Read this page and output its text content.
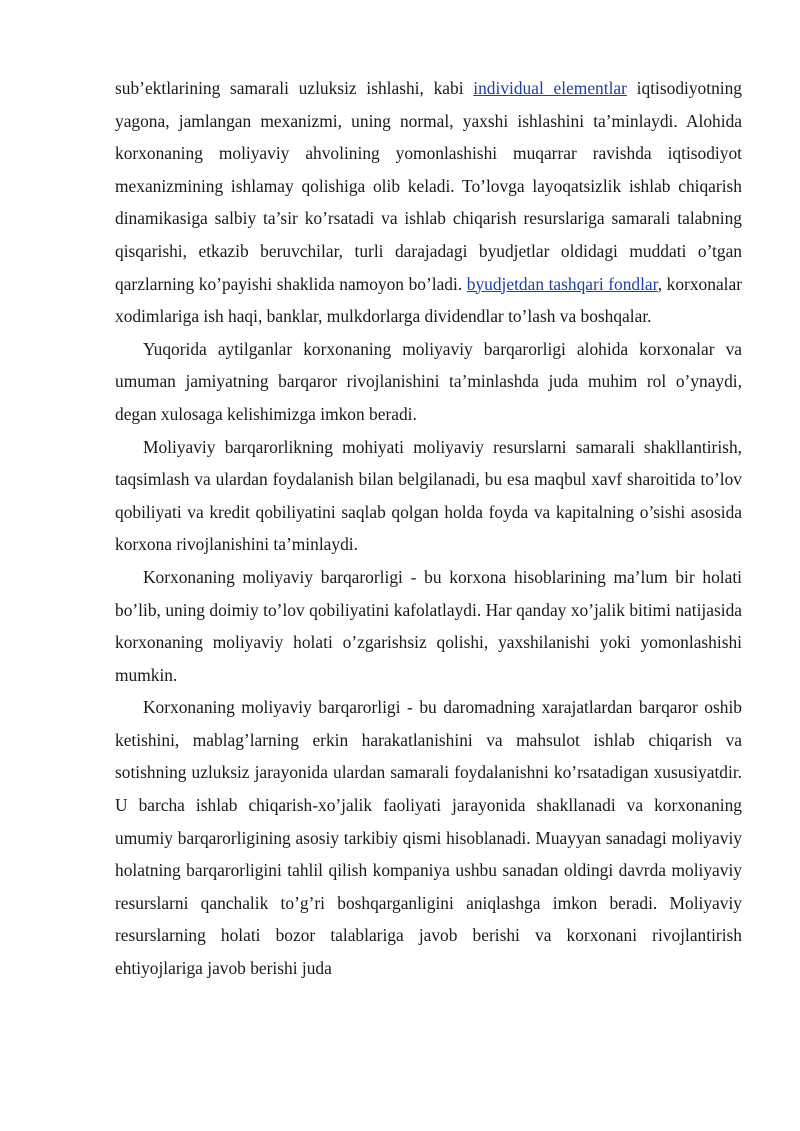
sub’ektlarining samarali uzluksiz ishlashi, kabi individual elementlar iqtisodiyotning yagona, jamlangan mexanizmi, uning normal, yaxshi ishlashini ta’minlaydi. Alohida korxonaning moliyaviy ahvolining yomonlashishi muqarrar ravishda iqtisodiyot mexanizmining ishlamay qolishiga olib keladi. To’lovga layoqatsizlik ishlab chiqarish dinamikasiga salbiy ta’sir ko’rsatadi va ishlab chiqarish resurslariga samarali talabning qisqarishi, etkazib beruvchilar, turli darajadagi byudjetlar oldidagi muddati o’tgan qarzlarning ko’payishi shaklida namoyon bo’ladi. byudjetdan tashqari fondlar, korxonalar xodimlariga ish haqi, banklar, mulkdorlarga dividendlar to’lash va boshqalar.

Yuqorida aytilganlar korxonaning moliyaviy barqarorligi alohida korxonalar va umuman jamiyatning barqaror rivojlanishini ta’minlashda juda muhim rol o’ynaydi, degan xulosaga kelishimizga imkon beradi.

Moliyaviy barqarorlikning mohiyati moliyaviy resurslarni samarali shakllantirish, taqsimlash va ulardan foydalanish bilan belgilanadi, bu esa maqbul xavf sharoitida to’lov qobiliyati va kredit qobiliyatini saqlab qolgan holda foyda va kapitalning o’sishi asosida korxona rivojlanishini ta’minlaydi.

Korxonaning moliyaviy barqarorligi - bu korxona hisoblarining ma’lum bir holati bo’lib, uning doimiy to’lov qobiliyatini kafolatlaydi. Har qanday xo’jalik bitimi natijasida korxonaning moliyaviy holati o’zgarishsiz qolishi, yaxshilanishi yoki yomonlashishi mumkin.

Korxonaning moliyaviy barqarorligi - bu daromadning xarajatlardan barqaror oshib ketishini, mablag’larning erkin harakatlanishini va mahsulot ishlab chiqarish va sotishning uzluksiz jarayonida ulardan samarali foydalanishni ko’rsatadigan xususiyatdir. U barcha ishlab chiqarish-xo’jalik faoliyati jarayonida shakllanadi va korxonaning umumiy barqarorligining asosiy tarkibiy qismi hisoblanadi. Muayyan sanadagi moliyaviy holatning barqarorligini tahlil qilish kompaniya ushbu sanadan oldingi davrda moliyaviy resurslarni qanchalik to’g’ri boshqarganligini aniqlashga imkon beradi. Moliyaviy resurslarning holati bozor talablariga javob berishi va korxonani rivojlantirish ehtiyojlariga javob berishi juda
